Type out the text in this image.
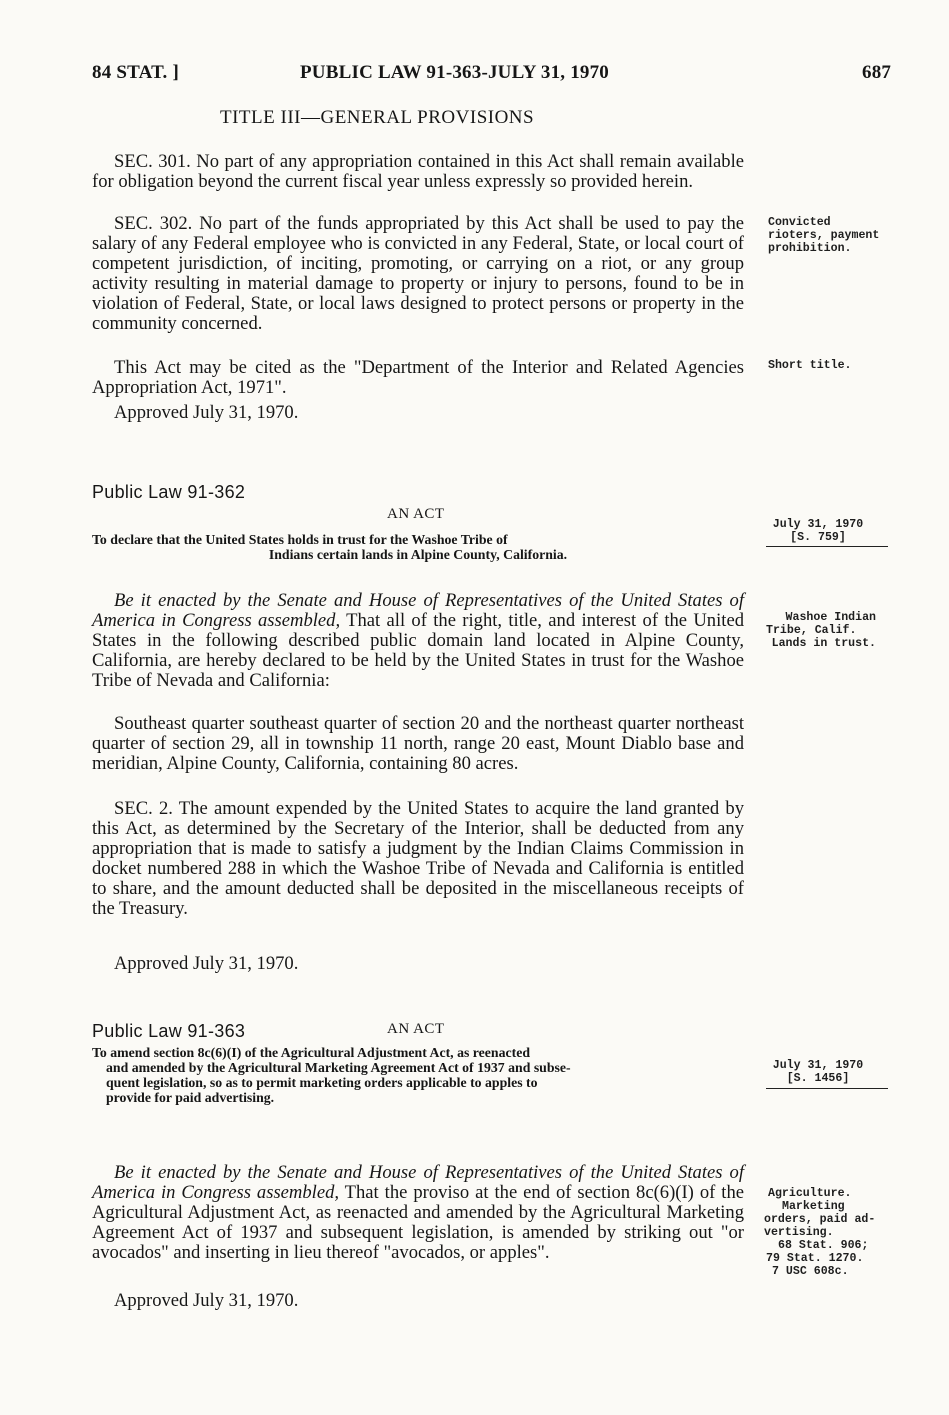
84 STAT. ]	PUBLIC LAW 91-363-JULY 31, 1970	687
TITLE III—GENERAL PROVISIONS
SEC. 301. No part of any appropriation contained in this Act shall remain available for obligation beyond the current fiscal year unless expressly so provided herein.
SEC. 302. No part of the funds appropriated by this Act shall be used to pay the salary of any Federal employee who is convicted in any Federal, State, or local court of competent jurisdiction, of inciting, promoting, or carrying on a riot, or any group activity resulting in material damage to property or injury to persons, found to be in violation of Federal, State, or local laws designed to protect persons or property in the community concerned.
This Act may be cited as the "Department of the Interior and Related Agencies Appropriation Act, 1971".
Approved July 31, 1970.
Public Law 91-362
AN ACT
To declare that the United States holds in trust for the Washoe Tribe of
Indians certain lands in Alpine County, California.
Be it enacted by the Senate and House of Representatives of the United States of America in Congress assembled, That all of the right, title, and interest of the United States in the following described public domain land located in Alpine County, California, are hereby declared to be held by the United States in trust for the Washoe Tribe of Nevada and California:
Southeast quarter southeast quarter of section 20 and the northeast quarter northeast quarter of section 29, all in township 11 north, range 20 east, Mount Diablo base and meridian, Alpine County, California, containing 80 acres.
SEC. 2. The amount expended by the United States to acquire the land granted by this Act, as determined by the Secretary of the Interior, shall be deducted from any appropriation that is made to satisfy a judgment by the Indian Claims Commission in docket numbered 288 in which the Washoe Tribe of Nevada and California is entitled to share, and the amount deducted shall be deposited in the miscellaneous receipts of the Treasury.
Approved July 31, 1970.
Public Law 91-363	AN ACT
To amend section 8c(6)(I) of the Agricultural Adjustment Act, as reenacted
and amended by the Agricultural Marketing Agreement Act of 1937 and subse-
quent legislation, so as to permit marketing orders applicable to apples to
provide for paid advertising.
Be it enacted by the Senate and House of Representatives of the United States of America in Congress assembled, That the proviso at the end of section 8c(6)(I) of the Agricultural Adjustment Act, as reenacted and amended by the Agricultural Marketing Agreement Act of 1937 and subsequent legislation, is amended by striking out "or avocados" and inserting in lieu thereof "avocados, or apples".
Approved July 31, 1970.
Convicted
rioters, payment
prohibition.
Short title.
July 31, 1970
[S. 759]
Washoe Indian
Tribe, Calif.
Lands in trust.
July 31, 1970
[S. 1456]
Agriculture.
Marketing
orders, paid ad-
vertising.
68 Stat. 906;
79 Stat. 1270.
7 USC 608c.
